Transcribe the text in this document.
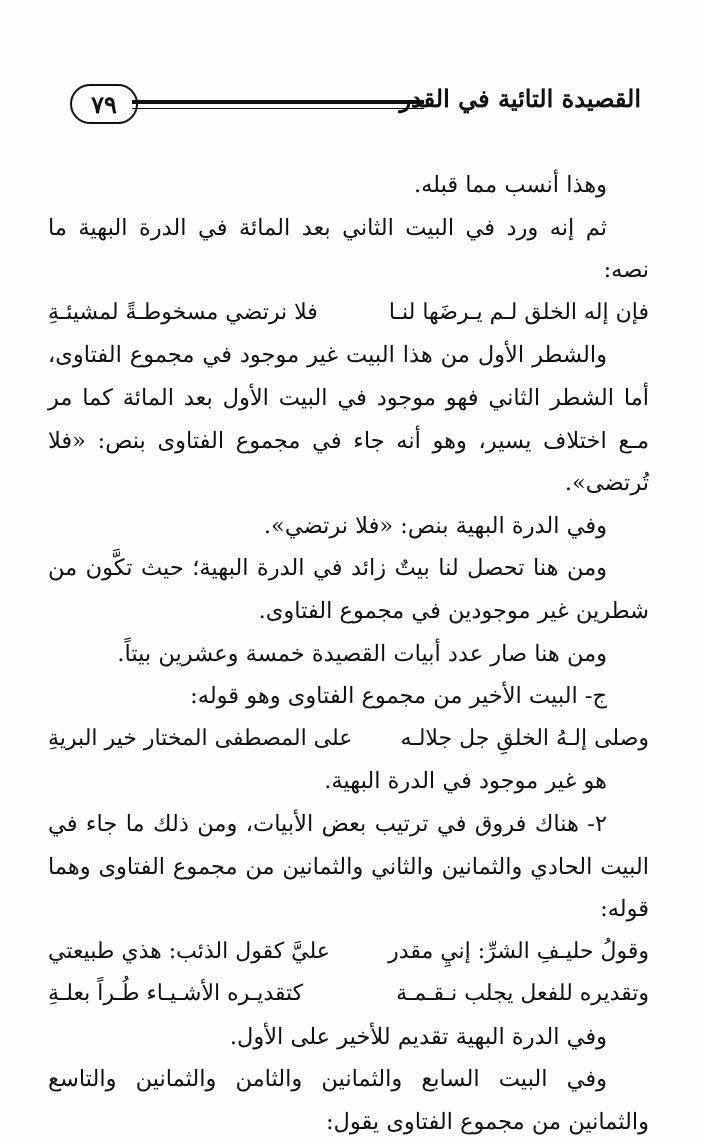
٧٩	القصيدة التائية في القدر

وهذا أنسب مما قبله.

ثم إنه ورد في البيت الثاني بعد المائة في الدرة البهية ما نصه:

فإن إله الخلق لـم يـرضَها لنـا
فلا نرتضي مسخوطـةً لمشيئـةِ

والشطر الأول من هذا البيت غير موجود في مجموع الفتاوى، أما الشطر الثاني فهو موجود في البيت الأول بعد المائة كما مر مـع اختلاف يسير، وهو أنه جاء في مجموع الفتاوى بنص: «فلا تُرتضى».

وفي الدرة البهية بنص: «فلا نرتضي».

ومن هنا تحصل لنا بيتٌ زائد في الدرة البهية؛ حيث تكَّون من شطرين غير موجودين في مجموع الفتاوى.

ومن هنا صار عدد أبيات القصيدة خمسة وعشرين بيتاً.

ج- البيت الأخير من مجموع الفتاوى وهو قوله:

وصلى إلـهُ الخلقِ جل جلالـه
على المصطفى المختار خير البريةِ

هو غير موجود في الدرة البهية.

٢- هناك فروق في ترتيب بعض الأبيات، ومن ذلك ما جاء في البيت الحادي والثمانين والثاني والثمانين من مجموع الفتاوى وهما قوله:

وقولُ حليـفِ الشرِّ: إنيِ مقدر
عليَّ كقول الذئب: هذي طبيعتي
وتقديره للفعل يجلب نـقـمـة
كتقديـره الأشـيـاء طُـراً بعلـةِ

وفي الدرة البهية تقديم للأخير على الأول.

وفي البيت السابع والثمانين والثامن والثمانين والتاسع والثمانين من مجموع الفتاوى يقول:
